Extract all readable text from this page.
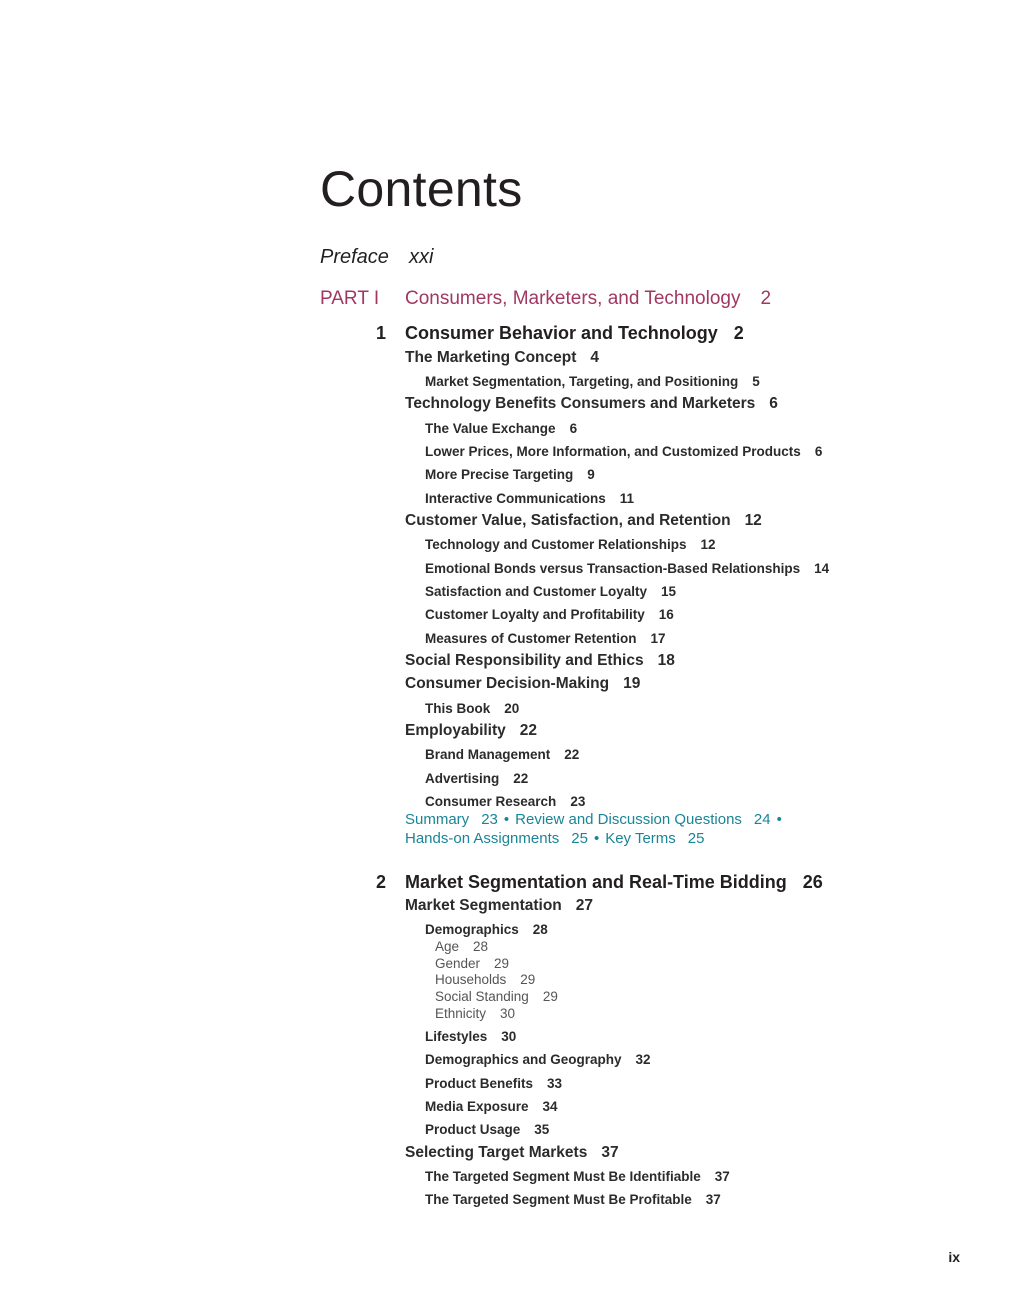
Contents
Preface xxi
PART I Consumers, Marketers, and Technology 2
1 Consumer Behavior and Technology 2
The Marketing Concept 4
Market Segmentation, Targeting, and Positioning 5
Technology Benefits Consumers and Marketers 6
The Value Exchange 6
Lower Prices, More Information, and Customized Products 6
More Precise Targeting 9
Interactive Communications 11
Customer Value, Satisfaction, and Retention 12
Technology and Customer Relationships 12
Emotional Bonds versus Transaction-Based Relationships 14
Satisfaction and Customer Loyalty 15
Customer Loyalty and Profitability 16
Measures of Customer Retention 17
Social Responsibility and Ethics 18
Consumer Decision-Making 19
This Book 20
Employability 22
Brand Management 22
Advertising 22
Consumer Research 23
Summary 23 • Review and Discussion Questions 24 •
Hands-on Assignments 25 • Key Terms 25
2 Market Segmentation and Real-Time Bidding 26
Market Segmentation 27
Demographics 28
Age 28
Gender 29
Households 29
Social Standing 29
Ethnicity 30
Lifestyles 30
Demographics and Geography 32
Product Benefits 33
Media Exposure 34
Product Usage 35
Selecting Target Markets 37
The Targeted Segment Must Be Identifiable 37
The Targeted Segment Must Be Profitable 37
ix
